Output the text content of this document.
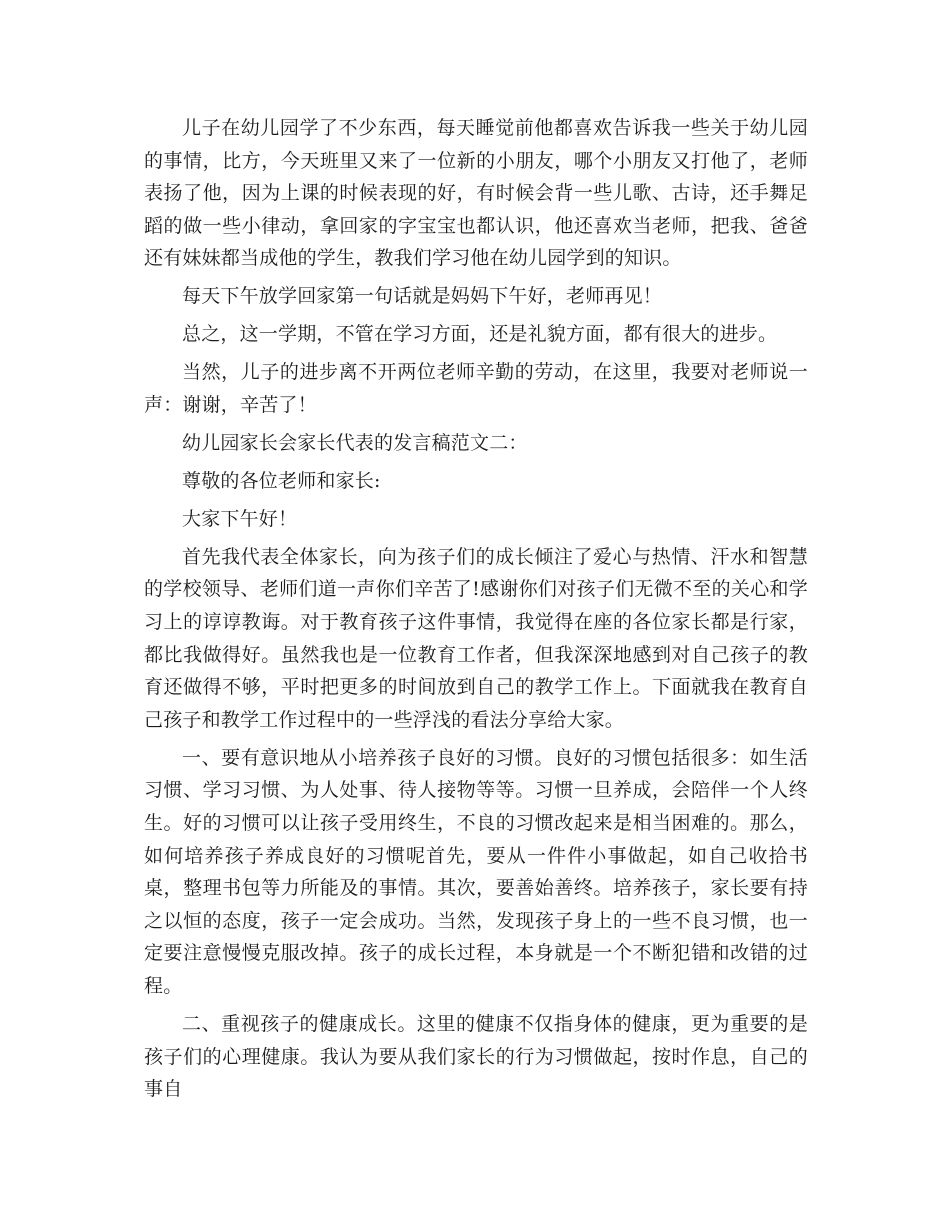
儿子在幼儿园学了不少东西，每天睡觉前他都喜欢告诉我一些关于幼儿园的事情，比方，今天班里又来了一位新的小朋友，哪个小朋友又打他了，老师表扬了他，因为上课的时候表现的好，有时候会背一些儿歌、古诗，还手舞足蹈的做一些小律动，拿回家的字宝宝也都认识，他还喜欢当老师，把我、爸爸还有妹妹都当成他的学生，教我们学习他在幼儿园学到的知识。

每天下午放学回家第一句话就是妈妈下午好，老师再见！

总之，这一学期，不管在学习方面，还是礼貌方面，都有很大的进步。

当然，儿子的进步离不开两位老师辛勤的劳动，在这里，我要对老师说一声：谢谢，辛苦了！

幼儿园家长会家长代表的发言稿范文二：

尊敬的各位老师和家长:

大家下午好！

首先我代表全体家长，向为孩子们的成长倾注了爱心与热情、汗水和智慧的学校领导、老师们道一声你们辛苦了!感谢你们对孩子们无微不至的关心和学习上的谆谆教诲。对于教育孩子这件事情，我觉得在座的各位家长都是行家，都比我做得好。虽然我也是一位教育工作者，但我深深地感到对自己孩子的教育还做得不够，平时把更多的时间放到自己的教学工作上。下面就我在教育自己孩子和教学工作过程中的一些浮浅的看法分享给大家。

一、要有意识地从小培养孩子良好的习惯。良好的习惯包括很多：如生活习惯、学习习惯、为人处事、待人接物等等。习惯一旦养成，会陪伴一个人终生。好的习惯可以让孩子受用终生，不良的习惯改起来是相当困难的。那么，如何培养孩子养成良好的习惯呢首先，要从一件件小事做起，如自己收拾书桌，整理书包等力所能及的事情。其次，要善始善终。培养孩子，家长要有持之以恒的态度，孩子一定会成功。当然，发现孩子身上的一些不良习惯，也一定要注意慢慢克服改掉。孩子的成长过程，本身就是一个不断犯错和改错的过程。

二、重视孩子的健康成长。这里的健康不仅指身体的健康，更为重要的是孩子们的心理健康。我认为要从我们家长的行为习惯做起，按时作息，自己的事自
